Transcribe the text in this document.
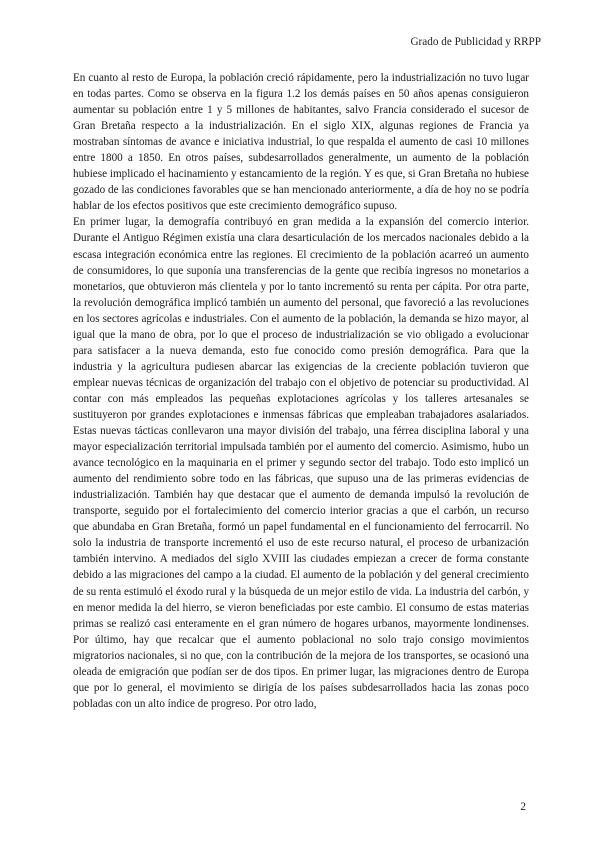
Grado de Publicidad y RRPP

En cuanto al resto de Europa, la población creció rápidamente, pero la industrialización no tuvo lugar en todas partes. Como se observa en la figura 1.2 los demás países en 50 años apenas consiguieron aumentar su población entre 1 y 5 millones de habitantes, salvo Francia considerado el sucesor de Gran Bretaña respecto a la industrialización. En el siglo XIX, algunas regiones de Francia ya mostraban síntomas de avance e iniciativa industrial, lo que respalda el aumento de casi 10 millones entre 1800 a 1850. En otros países, subdesarrollados generalmente, un aumento de la población hubiese implicado el hacinamiento y estancamiento de la región. Y es que, si Gran Bretaña no hubiese gozado de las condiciones favorables que se han mencionado anteriormente, a día de hoy no se podría hablar de los efectos positivos que este crecimiento demográfico supuso.

En primer lugar, la demografía contribuyó en gran medida a la expansión del comercio interior. Durante el Antiguo Régimen existía una clara desarticulación de los mercados nacionales debido a la escasa integración económica entre las regiones. El crecimiento de la población acarreó un aumento de consumidores, lo que suponía una transferencias de la gente que recibía ingresos no monetarios a monetarios, que obtuvieron más clientela y por lo tanto incrementó su renta per cápita. Por otra parte, la revolución demográfica implicó también un aumento del personal, que favoreció a las revoluciones en los sectores agrícolas e industriales. Con el aumento de la población, la demanda se hizo mayor, al igual que la mano de obra, por lo que el proceso de industrialización se vio obligado a evolucionar para satisfacer a la nueva demanda, esto fue conocido como presión demográfica. Para que la industria y la agricultura pudiesen abarcar las exigencias de la creciente población tuvieron que emplear nuevas técnicas de organización del trabajo con el objetivo de potenciar su productividad. Al contar con más empleados las pequeñas explotaciones agrícolas y los talleres artesanales se sustituyeron por grandes explotaciones e inmensas fábricas que empleaban trabajadores asalariados. Estas nuevas tácticas conllevaron una mayor división del trabajo, una férrea disciplina laboral y una mayor especialización territorial impulsada también por el aumento del comercio. Asimismo, hubo un avance tecnológico en la maquinaria en el primer y segundo sector del trabajo. Todo esto implicó un aumento del rendimiento sobre todo en las fábricas, que supuso una de las primeras evidencias de industrialización. También hay que destacar que el aumento de demanda impulsó la revolución de transporte, seguido por el fortalecimiento del comercio interior gracias a que el carbón, un recurso que abundaba en Gran Bretaña, formó un papel fundamental en el funcionamiento del ferrocarril. No solo la industria de transporte incrementó el uso de este recurso natural, el proceso de urbanización también intervino. A mediados del siglo XVIII las ciudades empiezan a crecer de forma constante debido a las migraciones del campo a la ciudad. El aumento de la población y del general crecimiento de su renta estimuló el éxodo rural y la búsqueda de un mejor estilo de vida. La industria del carbón, y en menor medida la del hierro, se vieron beneficiadas por este cambio. El consumo de estas materias primas se realizó casi enteramente en el gran número de hogares urbanos, mayormente londinenses. Por último, hay que recalcar que el aumento poblacional no solo trajo consigo movimientos migratorios nacionales, si no que, con la contribución de la mejora de los transportes, se ocasionó una oleada de emigración que podían ser de dos tipos. En primer lugar, las migraciones dentro de Europa que por lo general, el movimiento se dirigía de los países subdesarrollados hacia las zonas poco pobladas con un alto índice de progreso. Por otro lado,

2
